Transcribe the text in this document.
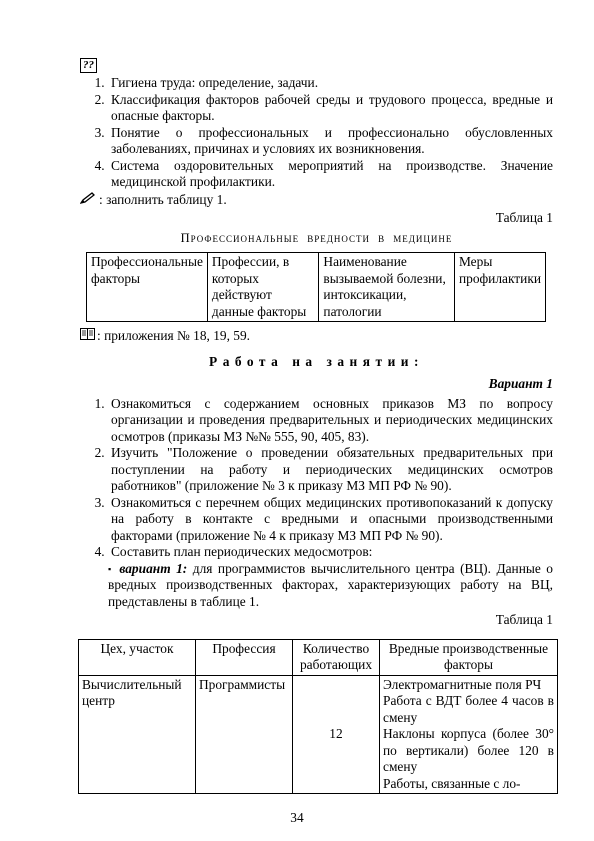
??
1. Гигиена труда: определение, задачи.
2. Классификация факторов рабочей среды и трудового процесса, вредные и опасные факторы.
3. Понятие о профессиональных и профессионально обусловленных заболеваниях, причинах и условиях их возникновения.
4. Система оздоровительных мероприятий на производстве. Значение медицинской профилактики.
: заполнить таблицу 1.
Таблица 1
Профессиональные вредности в медицине
Профессиональные факторы	Профессии, в которых действуют данные факторы	Наименование вызываемой болезни, интоксикации, патологии	Меры профилактики
: приложения № 18, 19, 59.
Работа на занятии:
Вариант 1
1. Ознакомиться с содержанием основных приказов МЗ по вопросу организации и проведения предварительных и периодических медицинских осмотров (приказы МЗ №№ 555, 90, 405, 83).
2. Изучить "Положение о проведении обязательных предварительных при поступлении на работу и периодических медицинских осмотров работников" (приложение № 3 к приказу МЗ МП РФ № 90).
3. Ознакомиться с перечнем общих медицинских противопоказаний к допуску на работу в контакте с вредными и опасными производственными факторами (приложение № 4 к приказу МЗ МП РФ № 90).
4. Составить план периодических медосмотров:
▪ вариант 1: для программистов вычислительного центра (ВЦ). Данные о вредных производственных факторах, характеризующих работу на ВЦ, представлены в таблице 1.
Таблица 1
Цех, участок	Профессия	Количество работающих	Вредные производственные факторы
Вычислительный центр	Программисты	12	Электромагнитные поля РЧ
Работа с ВДТ более 4 часов в смену
Наклоны корпуса (более 30° по вертикали) более 120 в смену
Работы, связанные с ло-
34
